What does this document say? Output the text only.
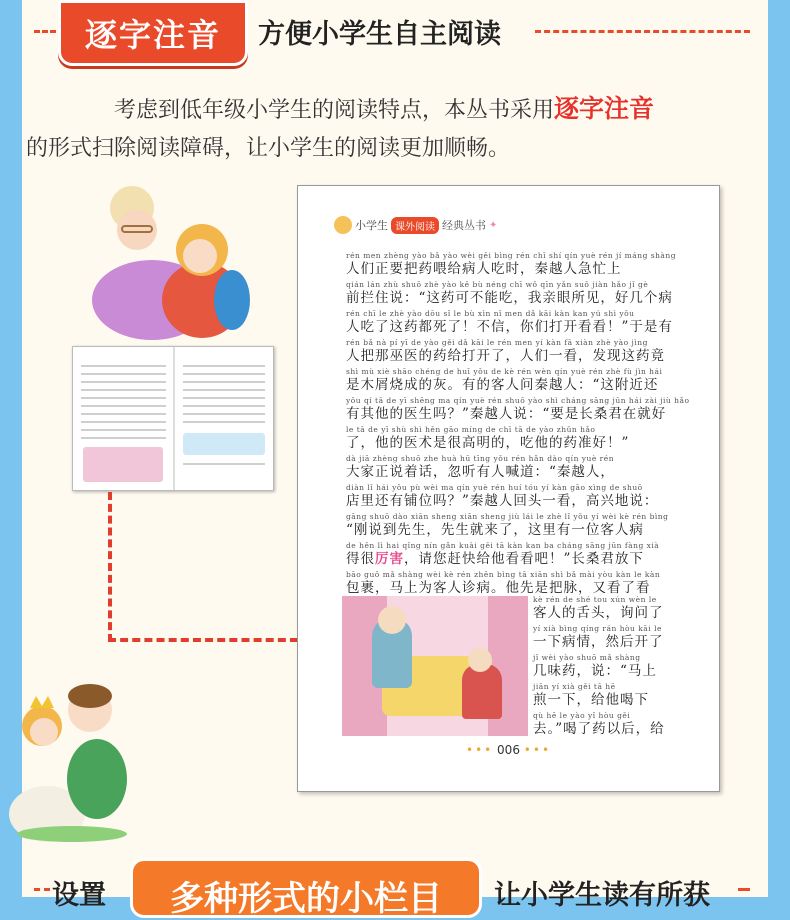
逐字注音	方便小学生自主阅读

考虑到低年级小学生的阅读特点，本丛书采用逐字注音
的形式扫除阅读障碍，让小学生的阅读更加顺畅。

小学生 课外阅读 经典丛书 ✦
rén men zhèng yào bǎ yào wèi gěi bìng rén chī shí qín yuè rén jí máng shàng
人们正要把药喂给病人吃时，秦越人急忙上
qián lán zhù shuō zhè yào kě bù néng chī wǒ qīn yǎn suǒ jiàn hǎo jǐ gè
前拦住说：“这药可不能吃，我亲眼所见，好几个病
rén chī le zhè yào dōu sǐ le bù xìn nǐ men dǎ kāi kàn kan yú shì yǒu
人吃了这药都死了！不信，你们打开看看！”于是有
rén bǎ nà pí yī de yào gěi dǎ kāi le rén men yí kàn fā xiàn zhè yào jìng
人把那巫医的药给打开了，人们一看，发现这药竟
shì mù xiè shāo chéng de huī yǒu de kè rén wèn qín yuè rén zhè fù jìn hái
是木屑烧成的灰。有的客人问秦越人：“这附近还
yǒu qí tā de yī shēng ma qín yuè rén shuō yào shì cháng sāng jūn hái zài jiù hǎo
有其他的医生吗？”秦越人说：“要是长桑君在就好
le tā de yī shù shì hěn gāo míng de chī tā de yào zhǔn hǎo
了，他的医术是很高明的，吃他的药准好！”
dà jiā zhèng shuō zhe huà hū tīng yǒu rén hǎn dào qín yuè rén
大家正说着话，忽听有人喊道：“秦越人，
diàn lǐ hái yǒu pù wèi ma qín yuè rén huí tóu yí kàn gāo xìng de shuō
店里还有铺位吗？”秦越人回头一看，高兴地说：
gāng shuō dào xiān sheng xiān sheng jiù lái le zhè lǐ yǒu yí wèi kè rén bìng
“刚说到先生，先生就来了，这里有一位客人病
de hěn lì hai qǐng nín gǎn kuài gěi tā kàn kan ba cháng sāng jūn fàng xià
得很厉害，请您赶快给他看看吧！”长桑君放下
bāo guǒ mǎ shàng wèi kè rén zhěn bìng tā xiān shì bǎ mài yòu kàn le kàn
包裹，马上为客人诊病。他先是把脉，又看了看
kè rén de shé tou xún wèn le
客人的舌头，询问了
yí xià bìng qíng rán hòu kāi le
一下病情，然后开了
jǐ wèi yào shuō mǎ shàng
几味药，说：“马上
jiān yí xià gěi tā hē
煎一下，给他喝下
qù hē le yào yǐ hòu gěi
去。”喝了药以后，给
••• 006 •••
设置	多种形式的小栏目	让小学生读有所获
